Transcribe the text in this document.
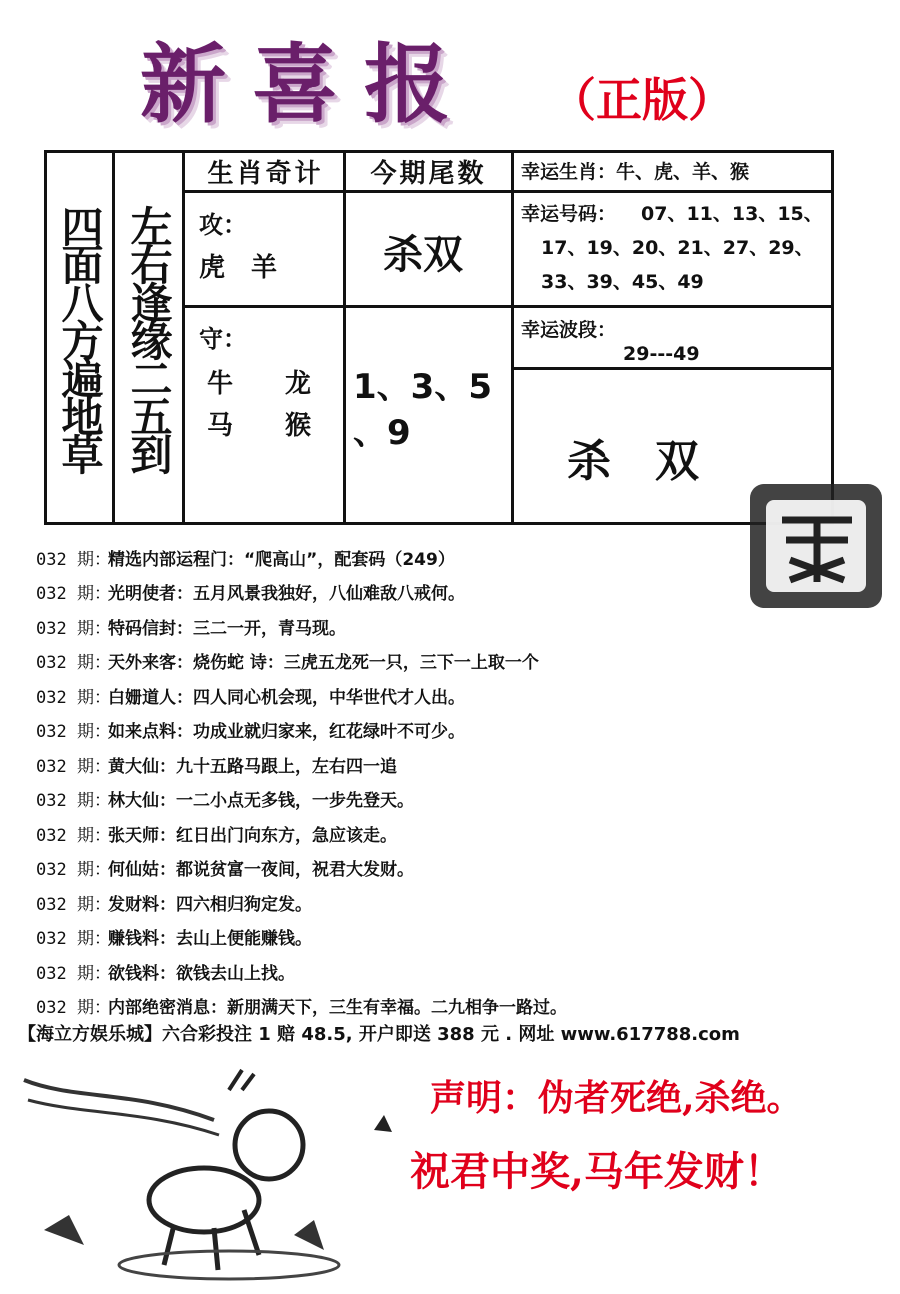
新喜报	（正版）
四面八方遍地草 左右逢缘二五到
生肖奇计
攻：
虎　羊
守：
牛　　龙
马　　猴
今期尾数
杀双
1、3、5
、9
幸运生肖：牛、虎、羊、猴
幸运号码： 07、11、13、15、
17、19、20、21、27、29、
33、39、45、49
幸运波段：
29---49
杀　双
032 期：
精选内部运程门： “爬高山”，配套码（249）
032 期：
光明使者： 五月风景我独好，八仙难敌八戒何。
032 期：
特码信封： 三二一开，青马现。
032 期：
天外来客： 烧伤蛇 诗：三虎五龙死一只，三下一上取一个
032 期：
白姗道人： 四人同心机会现，中华世代才人出。
032 期：
如来点料： 功成业就归家来，红花绿叶不可少。
032 期：
黄大仙： 九十五路马跟上，左右四一追
032 期：
林大仙： 一二小点无多钱，一步先登天。
032 期：
张天师： 红日出门向东方，急应该走。
032 期：
何仙姑： 都说贫富一夜间，祝君大发财。
032 期：
发财料： 四六相归狗定发。
032 期：
赚钱料： 去山上便能赚钱。
032 期：
欲钱料： 欲钱去山上找。
032 期：
内部绝密消息： 新朋满天下，三生有幸福。二九相争一路过。
【海立方娱乐城】六合彩投注 1 赔 48.5, 开户即送 388 元 . 网址 www.617788.com
声明：伪者死绝,杀绝。
祝君中奖,马年发财！
